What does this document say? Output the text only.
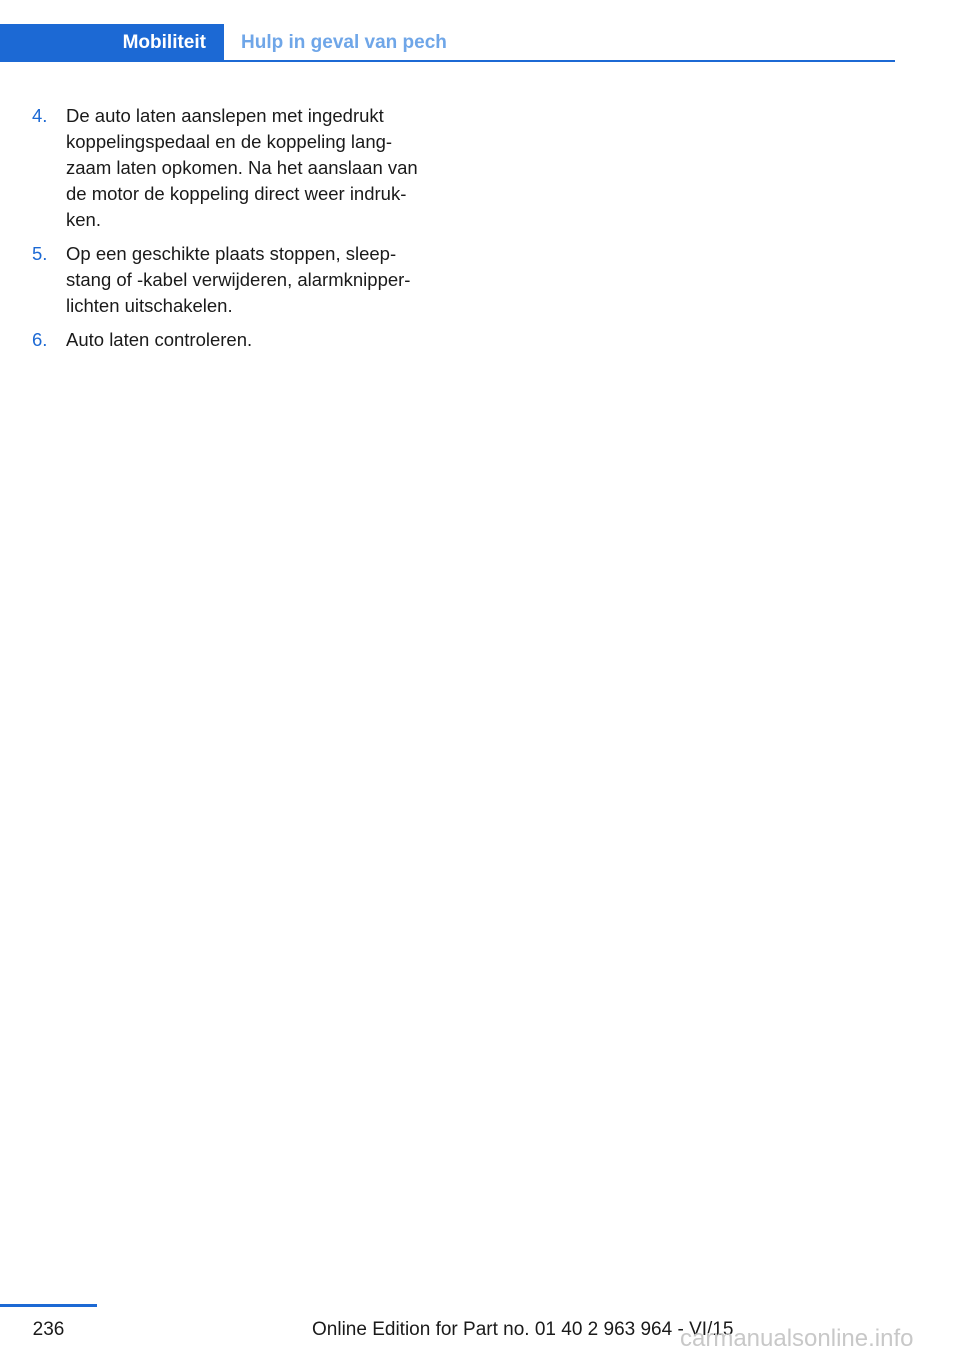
Mobiliteit	Hulp in geval van pech
4. De auto laten aanslepen met ingedrukt
koppelingspedaal en de koppeling lang-
zaam laten opkomen. Na het aanslaan van
de motor de koppeling direct weer indruk-
ken.
5. Op een geschikte plaats stoppen, sleep-
stang of -kabel verwijderen, alarmknipper-
lichten uitschakelen.
6. Auto laten controleren.
236	Online Edition for Part no. 01 40 2 963 964 - VI/15
carmanualsonline.info
